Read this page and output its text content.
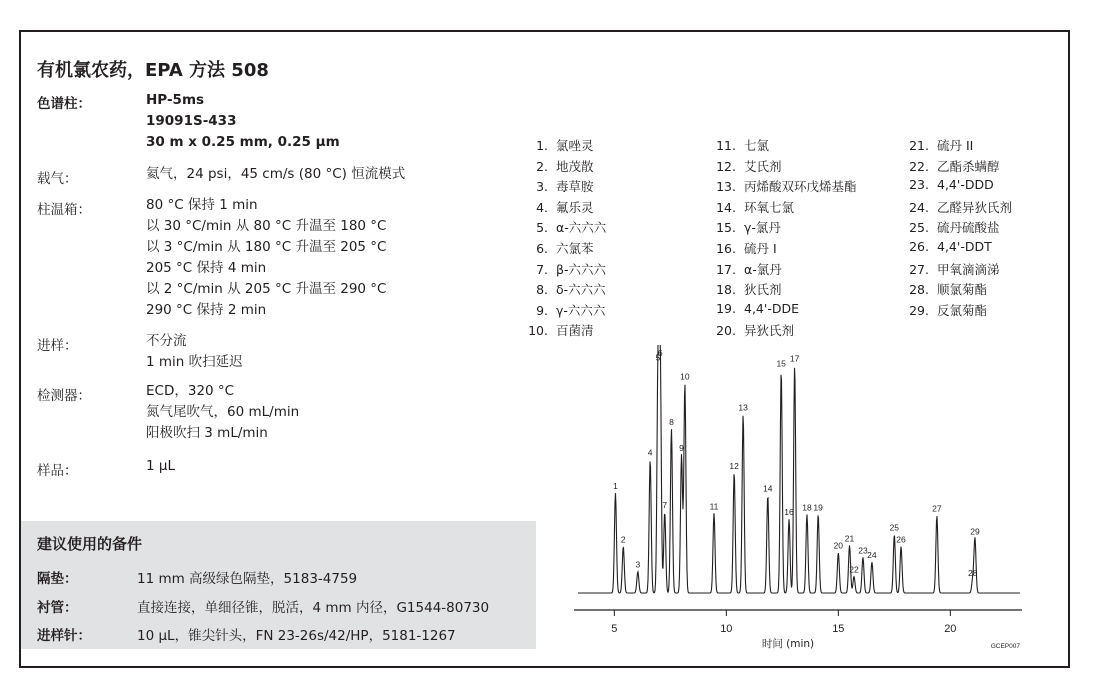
有机氯农药，EPA 方法 508
色谱柱：	HP-5ms
19091S-433
30 m x 0.25 mm, 0.25 μm
载气：	氦气，24 psi，45 cm/s (80 °C) 恒流模式
柱温箱：	80 °C 保持 1 min
以 30 °C/min 从 80 °C 升温至 180 °C
以 3 °C/min 从 180 °C 升温至 205 °C
205 °C 保持 4 min
以 2 °C/min 从 205 °C 升温至 290 °C
290 °C 保持 2 min
进样：	不分流
1 min 吹扫延迟
检测器：	ECD，320 °C
氮气尾吹气，60 mL/min
阳极吹扫 3 mL/min
样品：	1 μL
建议使用的备件
隔垫：	11 mm 高级绿色隔垫，5183-4759
衬管：	直接连接，单细径锥，脱活，4 mm 内径，G1544-80730
进样针：	10 μL，锥尖针头，FN 23-26s/42/HP，5181-1267
1. 氯唑灵
2. 地茂散
3. 毒草胺
4. 氟乐灵
5. α-六六六
6. 六氯苯
7. β-六六六
8. δ-六六六
9. γ-六六六
10. 百菌清
11. 七氯
12. 艾氏剂
13. 丙烯酸双环戊烯基酯
14. 环氧七氯
15. γ-氯丹
16. 硫丹 I
17. α-氯丹
18. 狄氏剂
19. 4,4'-DDE
20. 异狄氏剂
21. 硫丹 II
22. 乙酯杀螨醇
23. 4,4'-DDD
24. 乙醛异狄氏剂
25. 硫丹硫酸盐
26. 4,4'-DDT
27. 甲氧滴滴涕
28. 顺氯菊酯
29. 反氯菊酯
5	10	15	20
1
2
3
4
5
6
7
8
9
10
11
12
13
14
15
16
17
18 19
20
21
22
23 24
25
26
27
28
29
时间 (min)	GCEP007
